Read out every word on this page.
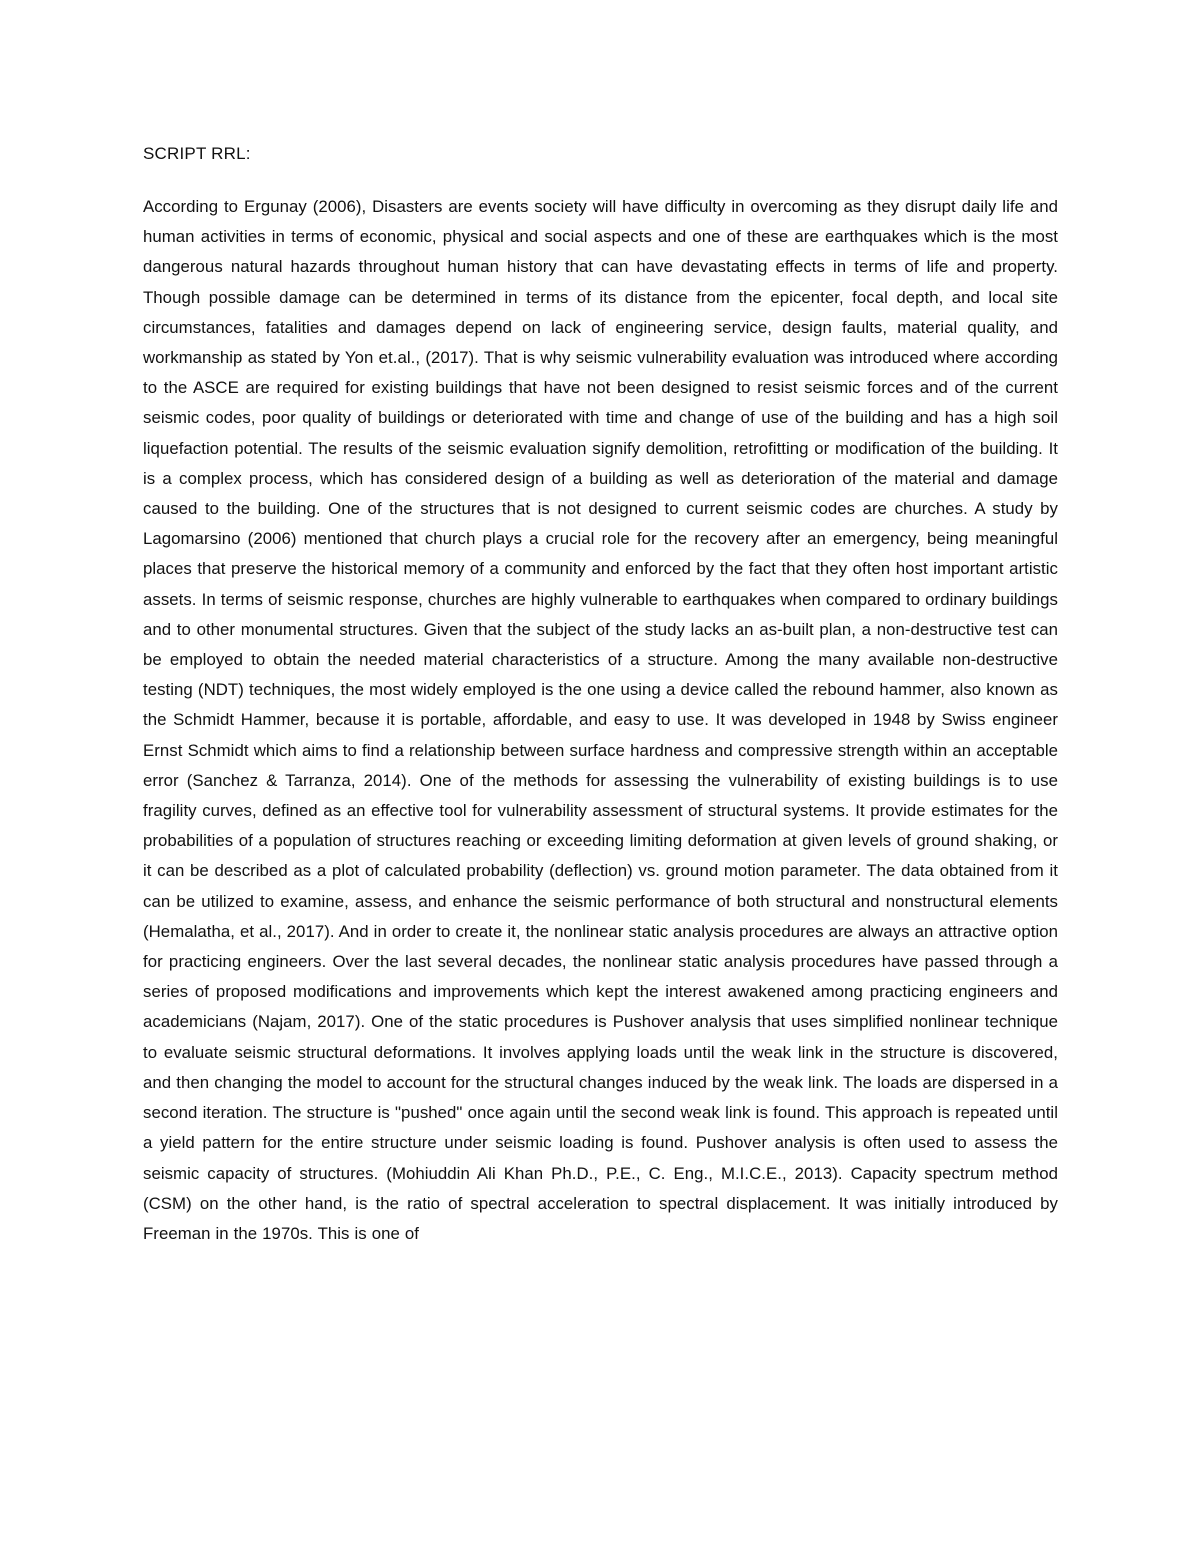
SCRIPT RRL:

According to Ergunay (2006), Disasters are events society will have difficulty in overcoming as they disrupt daily life and human activities in terms of economic, physical and social aspects and one of these are earthquakes which is the most dangerous natural hazards throughout human history that can have devastating effects in terms of life and property. Though possible damage can be determined in terms of its distance from the epicenter, focal depth, and local site circumstances, fatalities and damages depend on lack of engineering service, design faults, material quality, and workmanship as stated by Yon et.al., (2017). That is why seismic vulnerability evaluation was introduced where according to the ASCE are required for existing buildings that have not been designed to resist seismic forces and of the current seismic codes, poor quality of buildings or deteriorated with time and change of use of the building and has a high soil liquefaction potential. The results of the seismic evaluation signify demolition, retrofitting or modification of the building. It is a complex process, which has considered design of a building as well as deterioration of the material and damage caused to the building. One of the structures that is not designed to current seismic codes are churches. A study by Lagomarsino (2006) mentioned that church plays a crucial role for the recovery after an emergency, being meaningful places that preserve the historical memory of a community and enforced by the fact that they often host important artistic assets. In terms of seismic response, churches are highly vulnerable to earthquakes when compared to ordinary buildings and to other monumental structures. Given that the subject of the study lacks an as-built plan, a non-destructive test can be employed to obtain the needed material characteristics of a structure. Among the many available non-destructive testing (NDT) techniques, the most widely employed is the one using a device called the rebound hammer, also known as the Schmidt Hammer, because it is portable, affordable, and easy to use. It was developed in 1948 by Swiss engineer Ernst Schmidt which aims to find a relationship between surface hardness and compressive strength within an acceptable error (Sanchez & Tarranza, 2014). One of the methods for assessing the vulnerability of existing buildings is to use fragility curves, defined as an effective tool for vulnerability assessment of structural systems. It provide estimates for the probabilities of a population of structures reaching or exceeding limiting deformation at given levels of ground shaking, or it can be described as a plot of calculated probability (deflection) vs. ground motion parameter. The data obtained from it can be utilized to examine, assess, and enhance the seismic performance of both structural and nonstructural elements (Hemalatha, et al., 2017). And in order to create it, the nonlinear static analysis procedures are always an attractive option for practicing engineers. Over the last several decades, the nonlinear static analysis procedures have passed through a series of proposed modifications and improvements which kept the interest awakened among practicing engineers and academicians (Najam, 2017). One of the static procedures is Pushover analysis that uses simplified nonlinear technique to evaluate seismic structural deformations. It involves applying loads until the weak link in the structure is discovered, and then changing the model to account for the structural changes induced by the weak link. The loads are dispersed in a second iteration. The structure is "pushed" once again until the second weak link is found. This approach is repeated until a yield pattern for the entire structure under seismic loading is found. Pushover analysis is often used to assess the seismic capacity of structures. (Mohiuddin Ali Khan Ph.D., P.E., C. Eng., M.I.C.E., 2013). Capacity spectrum method (CSM) on the other hand, is the ratio of spectral acceleration to spectral displacement. It was initially introduced by Freeman in the 1970s. This is one of
